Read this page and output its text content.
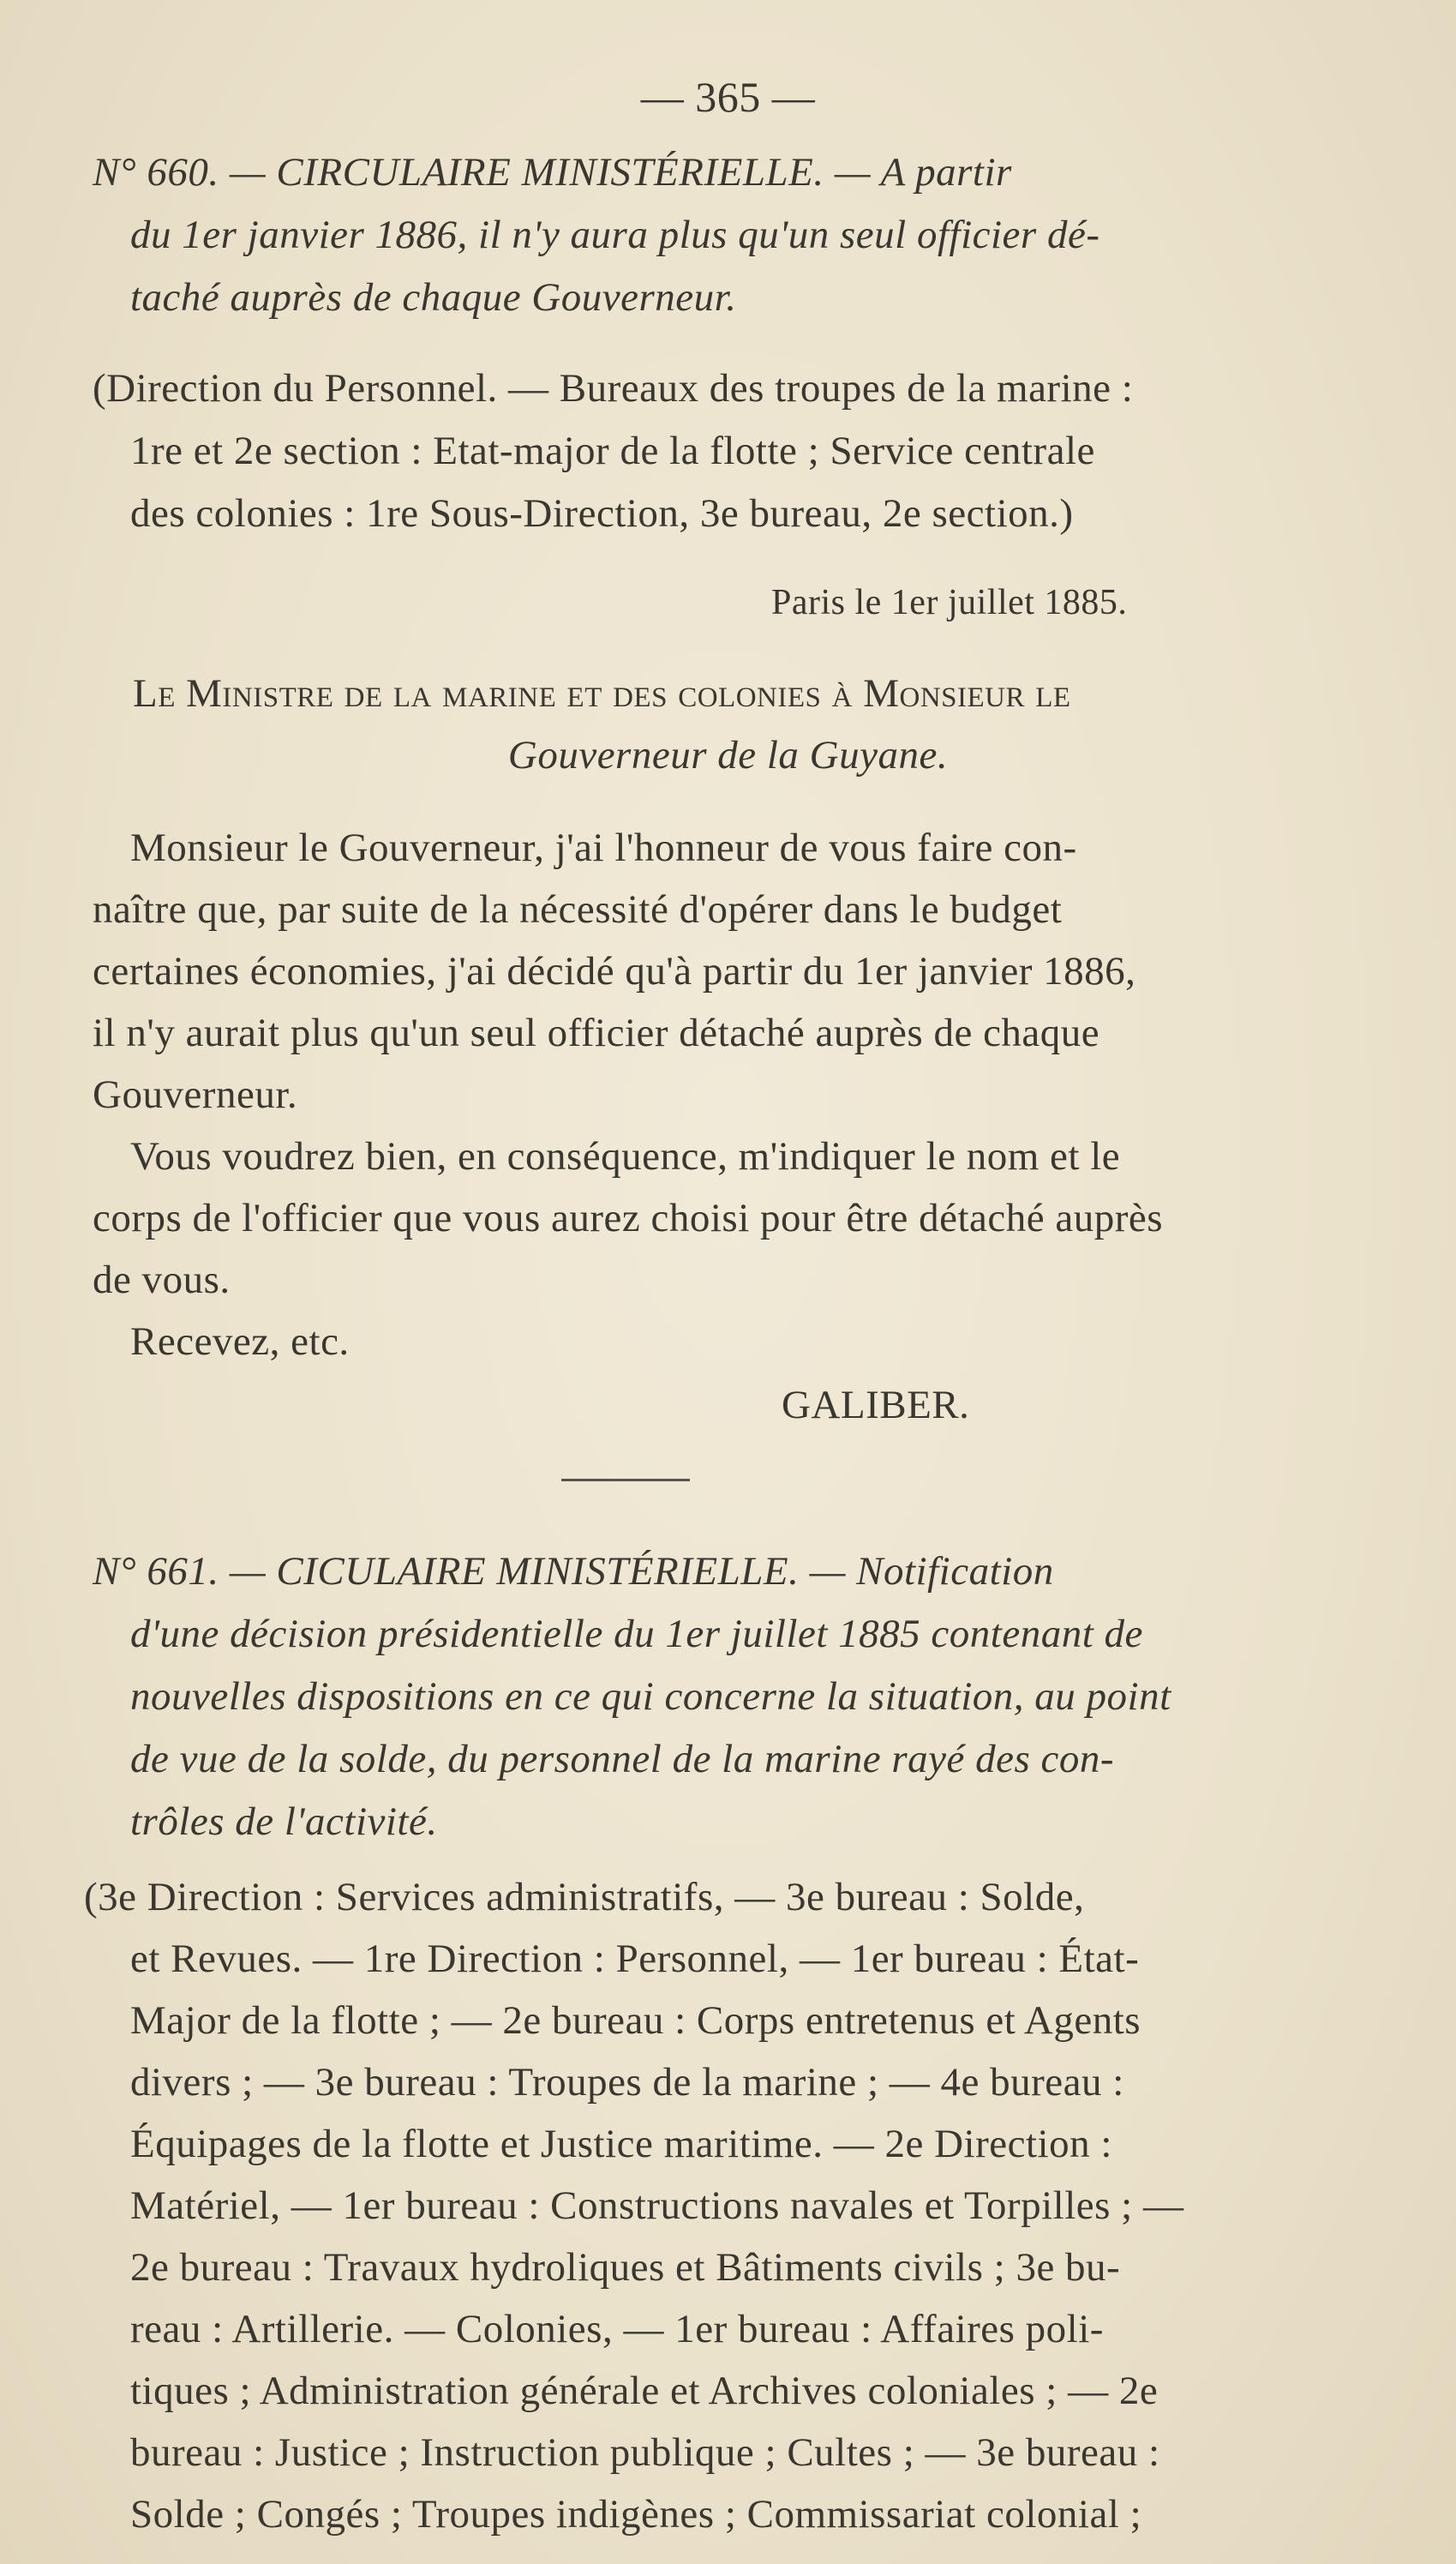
— 365 —

N° 660. — CIRCULAIRE MINISTÉRIELLE. — A partir

du 1er janvier 1886, il n'y aura plus qu'un seul officier dé-

taché auprès de chaque Gouverneur.

(Direction du Personnel. — Bureaux des troupes de la marine :

1re et 2e section : Etat-major de la flotte ; Service centrale

des colonies : 1re Sous-Direction, 3e bureau, 2e section.)

Paris le 1er juillet 1885.

Le Ministre de la marine et des colonies à Monsieur le

Gouverneur de la Guyane.

Monsieur le Gouverneur, j'ai l'honneur de vous faire con-

naître que, par suite de la nécessité d'opérer dans le budget

certaines économies, j'ai décidé qu'à partir du 1er janvier 1886,

il n'y aurait plus qu'un seul officier détaché auprès de chaque

Gouverneur.

Vous voudrez bien, en conséquence, m'indiquer le nom et le

corps de l'officier que vous aurez choisi pour être détaché auprès

de vous.

Recevez, etc.

GALIBER.

N° 661. — CICULAIRE MINISTÉRIELLE. — Notification

d'une décision présidentielle du 1er juillet 1885 contenant de

nouvelles dispositions en ce qui concerne la situation, au point

de vue de la solde, du personnel de la marine rayé des con-

trôles de l'activité.

(3e Direction : Services administratifs, — 3e bureau : Solde,

et Revues. — 1re Direction : Personnel, — 1er bureau : État-

Major de la flotte ; — 2e bureau : Corps entretenus et Agents

divers ; — 3e bureau : Troupes de la marine ; — 4e bureau :

Équipages de la flotte et Justice maritime. — 2e Direction :

Matériel, — 1er bureau : Constructions navales et Torpilles ; —

2e bureau : Travaux hydroliques et Bâtiments civils ; 3e bu-

reau : Artillerie. — Colonies, — 1er bureau : Affaires poli-

tiques ; Administration générale et Archives coloniales ; — 2e

bureau : Justice ; Instruction publique ; Cultes ; — 3e bureau :

Solde ; Congés ; Troupes indigènes ; Commissariat colonial ;
